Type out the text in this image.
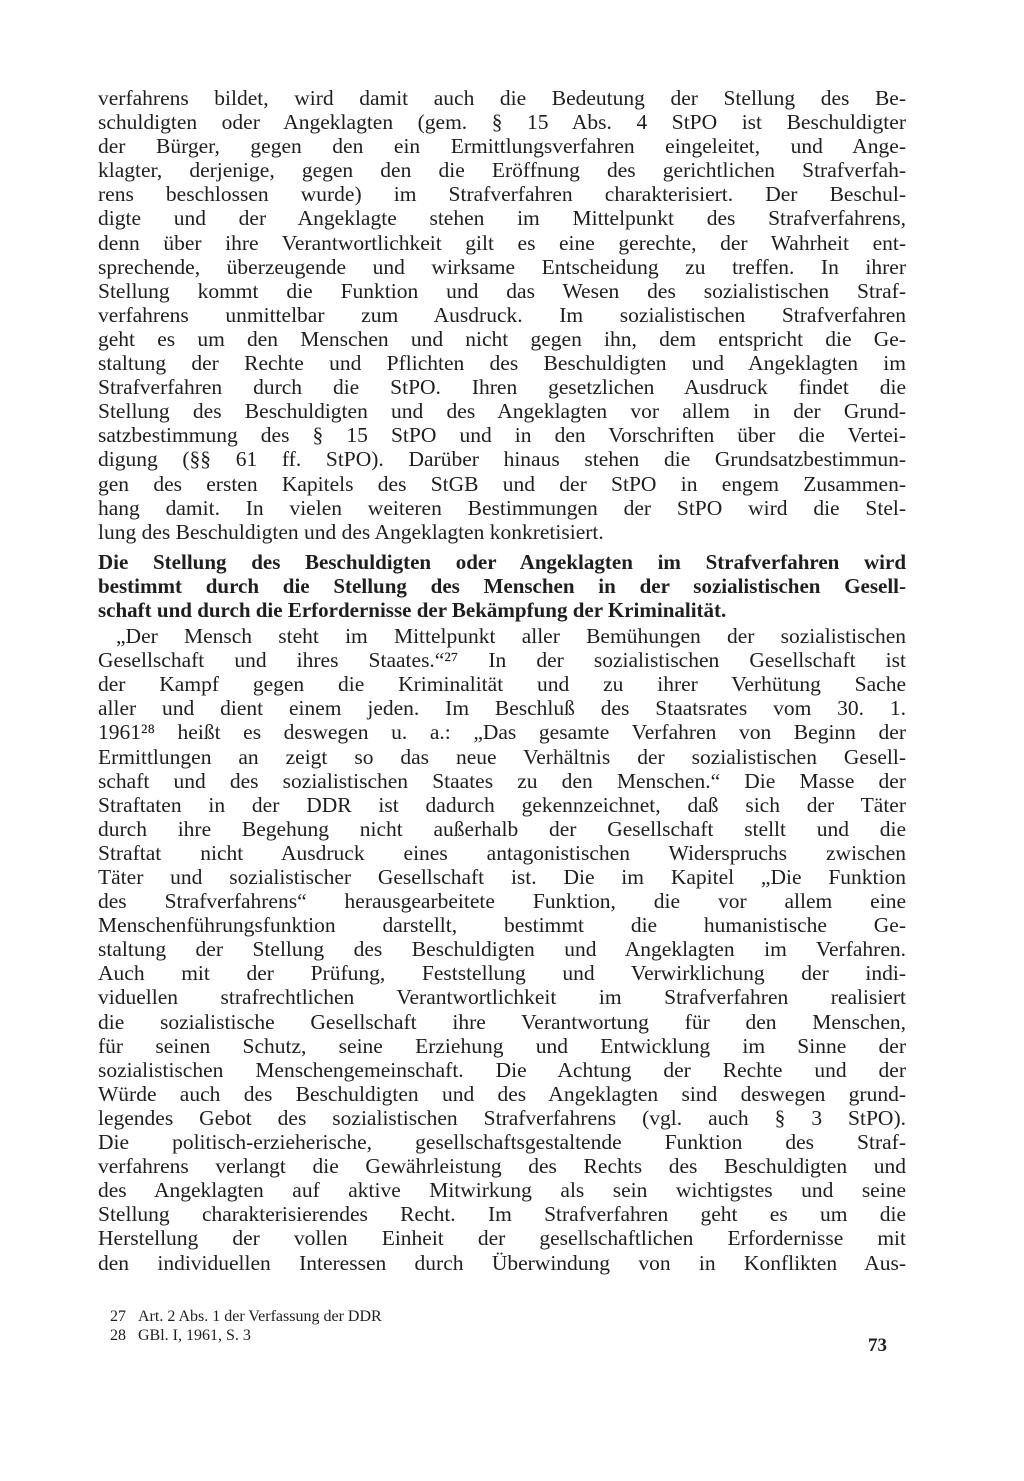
verfahrens bildet, wird damit auch die Bedeutung der Stellung des Be-
schuldigten oder Angeklagten (gem. § 15 Abs. 4 StPO ist Beschuldigter
der Bürger, gegen den ein Ermittlungsverfahren eingeleitet, und Ange-
klagter, derjenige, gegen den die Eröffnung des gerichtlichen Strafverfah-
rens beschlossen wurde) im Strafverfahren charakterisiert. Der Beschul-
digte und der Angeklagte stehen im Mittelpunkt des Strafverfahrens,
denn über ihre Verantwortlichkeit gilt es eine gerechte, der Wahrheit ent-
sprechende, überzeugende und wirksame Entscheidung zu treffen. In ihrer
Stellung kommt die Funktion und das Wesen des sozialistischen Straf-
verfahrens unmittelbar zum Ausdruck. Im sozialistischen Strafverfahren
geht es um den Menschen und nicht gegen ihn, dem entspricht die Ge-
staltung der Rechte und Pflichten des Beschuldigten und Angeklagten im
Strafverfahren durch die StPO. Ihren gesetzlichen Ausdruck findet die
Stellung des Beschuldigten und des Angeklagten vor allem in der Grund-
satzbestimmung des § 15 StPO und in den Vorschriften über die Vertei-
digung (§§ 61 ff. StPO). Darüber hinaus stehen die Grundsatzbestimmun-
gen des ersten Kapitels des StGB und der StPO in engem Zusammen-
hang damit. In vielen weiteren Bestimmungen der StPO wird die Stel-
lung des Beschuldigten und des Angeklagten konkretisiert.
Die Stellung des Beschuldigten oder Angeklagten im Strafverfahren wird
bestimmt durch die Stellung des Menschen in der sozialistischen Gesell-
schaft und durch die Erfordernisse der Bekämpfung der Kriminalität.
„Der Mensch steht im Mittelpunkt aller Bemühungen der sozialistischen
Gesellschaft und ihres Staates.“²⁷ In der sozialistischen Gesellschaft ist
der Kampf gegen die Kriminalität und zu ihrer Verhütung Sache
aller und dient einem jeden. Im Beschluß des Staatsrates vom 30. 1.
1961²⁸ heißt es deswegen u. a.: „Das gesamte Verfahren von Beginn der
Ermittlungen an zeigt so das neue Verhältnis der sozialistischen Gesell-
schaft und des sozialistischen Staates zu den Menschen.“ Die Masse der
Straftaten in der DDR ist dadurch gekennzeichnet, daß sich der Täter
durch ihre Begehung nicht außerhalb der Gesellschaft stellt und die
Straftat nicht Ausdruck eines antagonistischen Widerspruchs zwischen
Täter und sozialistischer Gesellschaft ist. Die im Kapitel „Die Funktion
des Strafverfahrens“ herausgearbeitete Funktion, die vor allem eine
Menschenführungsfunktion darstellt, bestimmt die humanistische Ge-
staltung der Stellung des Beschuldigten und Angeklagten im Verfahren.
Auch mit der Prüfung, Feststellung und Verwirklichung der indi-
viduellen strafrechtlichen Verantwortlichkeit im Strafverfahren realisiert
die sozialistische Gesellschaft ihre Verantwortung für den Menschen,
für seinen Schutz, seine Erziehung und Entwicklung im Sinne der
sozialistischen Menschengemeinschaft. Die Achtung der Rechte und der
Würde auch des Beschuldigten und des Angeklagten sind deswegen grund-
legendes Gebot des sozialistischen Strafverfahrens (vgl. auch § 3 StPO).
Die politisch-erzieherische, gesellschaftsgestaltende Funktion des Straf-
verfahrens verlangt die Gewährleistung des Rechts des Beschuldigten und
des Angeklagten auf aktive Mitwirkung als sein wichtigstes und seine
Stellung charakterisierendes Recht. Im Strafverfahren geht es um die
Herstellung der vollen Einheit der gesellschaftlichen Erfordernisse mit
den individuellen Interessen durch Überwindung von in Konflikten Aus-
27 Art. 2 Abs. 1 der Verfassung der DDR
28 GBl. I, 1961, S. 3	73
